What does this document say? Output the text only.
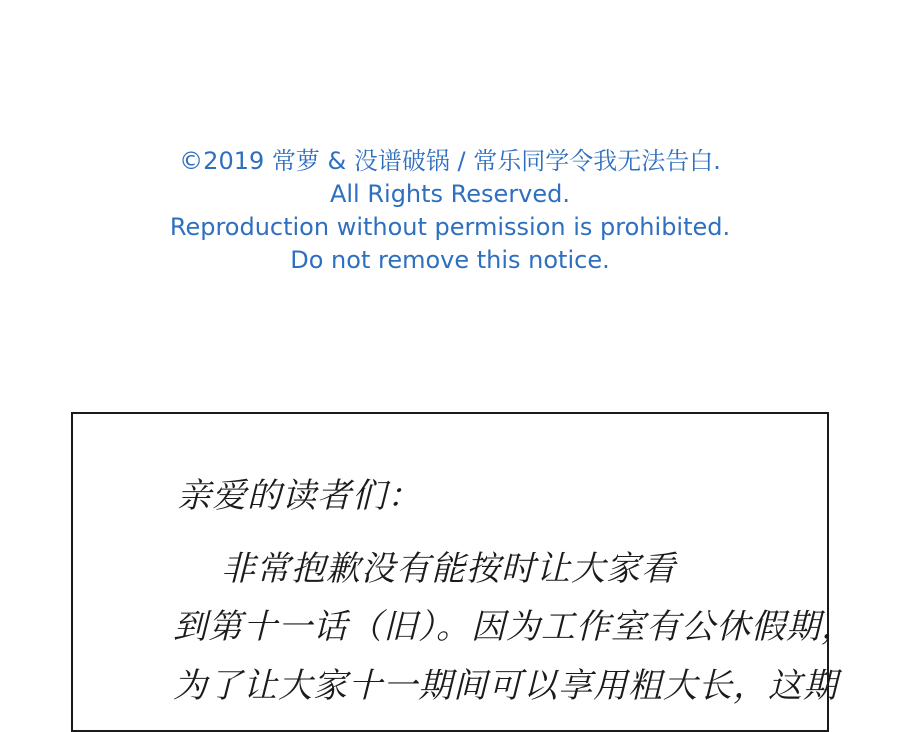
©2019 常萝 & 没谱破锅 / 常乐同学令我无法告白.
All Rights Reserved.
Reproduction without permission is prohibited.
Do not remove this notice.
亲爱的读者们：
非常抱歉没有能按时让大家看
到第十一话（旧）。因为工作室有公休假期，
为了让大家十一期间可以享用粗大长，这期
